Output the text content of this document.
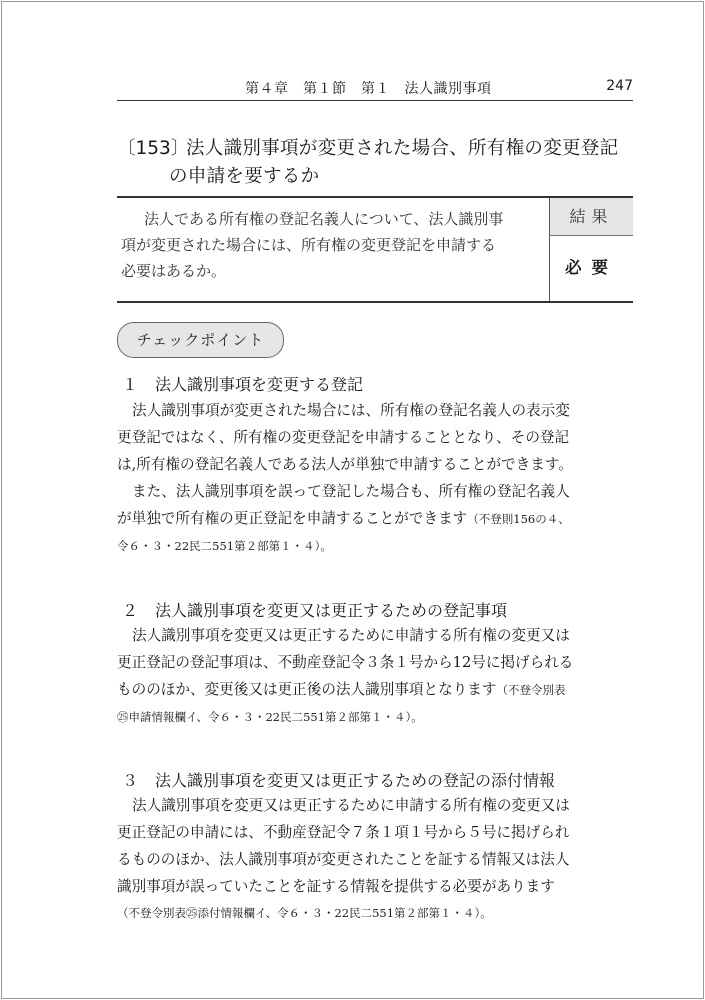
第４章　第１節　第１　法人識別事項	247
〔153〕
法人識別事項が変更された場合、所有権の変更登記
の申請を要するか
法人である所有権の登記名義人について、法人識別事
項が変更された場合には、所有権の変更登記を申請する
必要はあるか。
結果
必要
チェックポイント
１ 法人識別事項を変更する登記
法人識別事項が変更された場合には、所有権の登記名義人の表示変
更登記ではなく、所有権の変更登記を申請することとなり、その登記
は,所有権の登記名義人である法人が単独で申請することができます。
また、法人識別事項を誤って登記した場合も、所有権の登記名義人
が単独で所有権の更正登記を申請することができます（不登則156の４、
令６・３・22民二551第２部第１・４）。
２ 法人識別事項を変更又は更正するための登記事項
法人識別事項を変更又は更正するために申請する所有権の変更又は
更正登記の登記事項は、不動産登記令３条１号から12号に掲げられる
もののほか、変更後又は更正後の法人識別事項となります（不登令別表
㉕申請情報欄イ、令６・３・22民二551第２部第１・４）。
３ 法人識別事項を変更又は更正するための登記の添付情報
法人識別事項を変更又は更正するために申請する所有権の変更又は
更正登記の申請には、不動産登記令７条１項１号から５号に掲げられ
るもののほか、法人識別事項が変更されたことを証する情報又は法人
識別事項が誤っていたことを証する情報を提供する必要があります
（不登令別表㉕添付情報欄イ、令６・３・22民二551第２部第１・４）。
